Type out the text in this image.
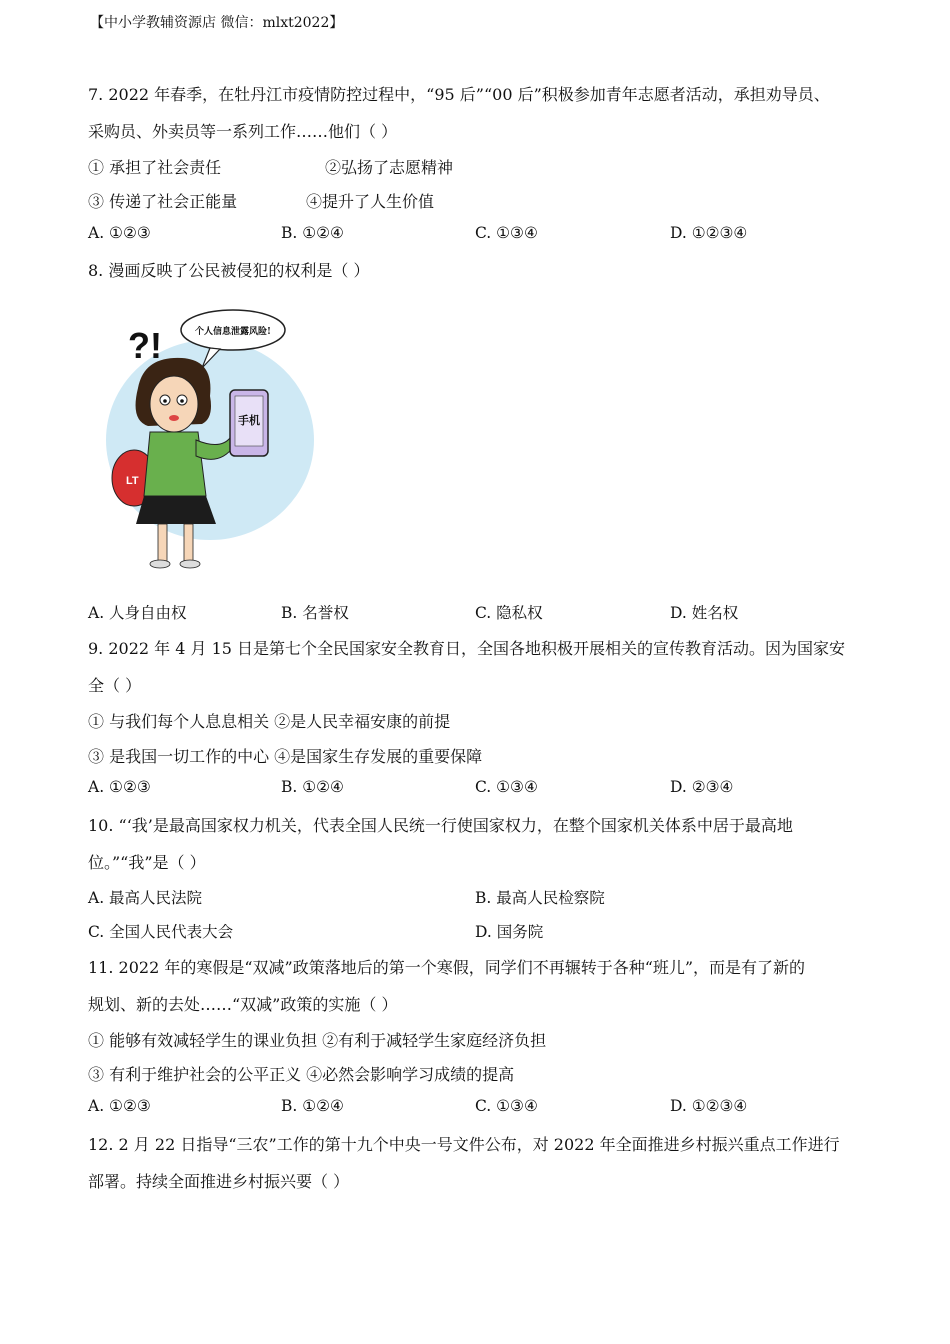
【中小学教辅资源店 微信：mlxt2022】
7. 2022 年春季，在牡丹江市疫情防控过程中，“95 后”“00 后”积极参加青年志愿者活动，承担劝导员、
采购员、外卖员等一系列工作……他们（ ）
① 承担了社会责任	②弘扬了志愿精神
③ 传递了社会正能量	④提升了人生价值
A. ①②③	B. ①②④	C. ①③④	D. ①②③④
8. 漫画反映了公民被侵犯的权利是（ ）
个人信息泄露风险!
?!
LT
手机
A. 人身自由权	B. 名誉权	C. 隐私权	D. 姓名权
9. 2022 年 4 月 15 日是第七个全民国家安全教育日，全国各地积极开展相关的宣传教育活动。因为国家安
全（ ）
① 与我们每个人息息相关 ②是人民幸福安康的前提
③ 是我国一切工作的中心 ④是国家生存发展的重要保障
A. ①②③	B. ①②④	C. ①③④	D. ②③④
10. “‘我’是最高国家权力机关，代表全国人民统一行使国家权力，在整个国家机关体系中居于最高地
位。”“我”是（ ）
A. 最高人民法院	B. 最高人民检察院
C. 全国人民代表大会	D. 国务院
11. 2022 年的寒假是“双减”政策落地后的第一个寒假，同学们不再辗转于各种“班儿”，而是有了新的
规划、新的去处……“双减”政策的实施（ ）
① 能够有效减轻学生的课业负担 ②有利于减轻学生家庭经济负担
③ 有利于维护社会的公平正义 ④必然会影响学习成绩的提高
A. ①②③	B. ①②④	C. ①③④	D. ①②③④
12. 2 月 22 日指导“三农”工作的第十九个中央一号文件公布，对 2022 年全面推进乡村振兴重点工作进行
部署。持续全面推进乡村振兴要（ ）
